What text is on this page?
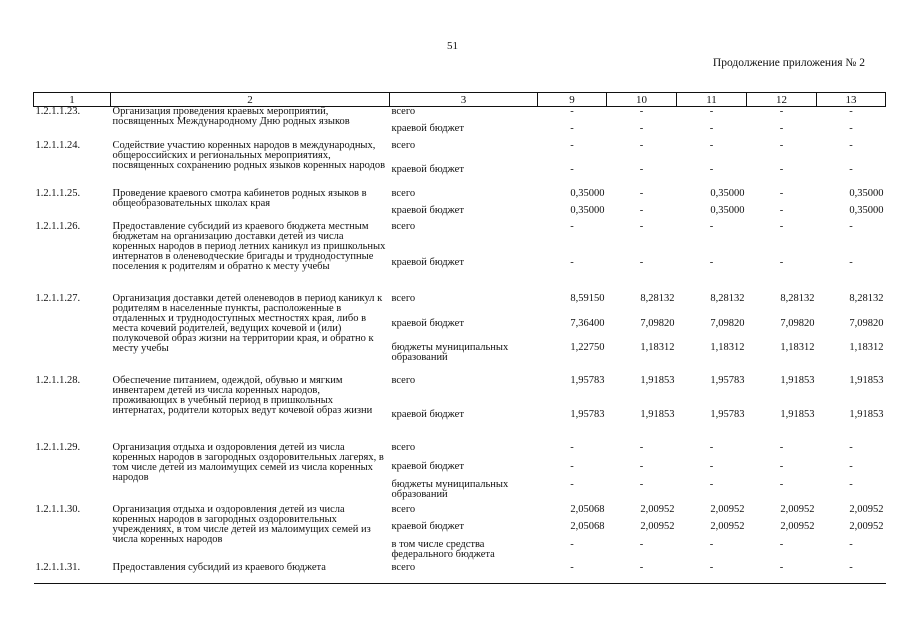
51
Продолжение приложения № 2
1	2	3	9	10	11	12	13
1.2.1.1.23.	Организация проведения краевых мероприятий, посвященных Международному Дню родных языков	всего	-	-	-	-	-
		краевой бюджет	-	-	-	-	-
1.2.1.1.24.	Содействие участию коренных народов в международных, общероссийских и региональных мероприятиях, посвященных сохранению родных языков коренных народов	всего	-	-	-	-	-
		краевой бюджет	-	-	-	-	-
1.2.1.1.25.	Проведение краевого смотра кабинетов родных языков в общеобразовательных школах края	всего	0,35000	-	0,35000	-	0,35000
		краевой бюджет	0,35000	-	0,35000	-	0,35000
1.2.1.1.26.	Предоставление субсидий из краевого бюджета местным бюджетам на организацию доставки детей из числа коренных народов в период летних каникул из пришкольных интернатов в оленеводческие бригады и труднодоступные поселения к родителям и обратно к месту учебы	всего	-	-	-	-	-
		краевой бюджет	-	-	-	-	-
1.2.1.1.27.	Организация доставки детей оленеводов в период каникул к родителям в населенные пункты, расположенные в отдаленных и труднодоступных местностях края, либо в места кочевий родителей, ведущих кочевой и (или) полукочевой образ жизни на территории края, и обратно к месту учебы	всего	8,59150	8,28132	8,28132	8,28132	8,28132
		краевой бюджет	7,36400	7,09820	7,09820	7,09820	7,09820
		бюджеты муниципальных образований	1,22750	1,18312	1,18312	1,18312	1,18312
1.2.1.1.28.	Обеспечение питанием, одеждой, обувью и мягким инвентарем детей из числа коренных народов, проживающих в учебный период в пришкольных интернатах, родители которых ведут кочевой образ жизни	всего	1,95783	1,91853	1,95783	1,91853	1,91853
		краевой бюджет	1,95783	1,91853	1,95783	1,91853	1,91853
1.2.1.1.29.	Организация отдыха и оздоровления детей из числа коренных народов в загородных оздоровительных лагерях, в том числе детей из малоимущих семей из числа коренных народов	всего	-	-	-	-	-
		краевой бюджет	-	-	-	-	-
		бюджеты муниципальных образований	-	-	-	-	-
1.2.1.1.30.	Организация отдыха и оздоровления детей из числа коренных народов в загородных оздоровительных учреждениях, в том числе детей из малоимущих семей из числа коренных народов	всего	2,05068	2,00952	2,00952	2,00952	2,00952
		краевой бюджет	2,05068	2,00952	2,00952	2,00952	2,00952
		в том числе средства федерального бюджета	-	-	-	-	-
1.2.1.1.31.	Предоставления субсидий из краевого бюджета	всего	-	-	-	-	-
